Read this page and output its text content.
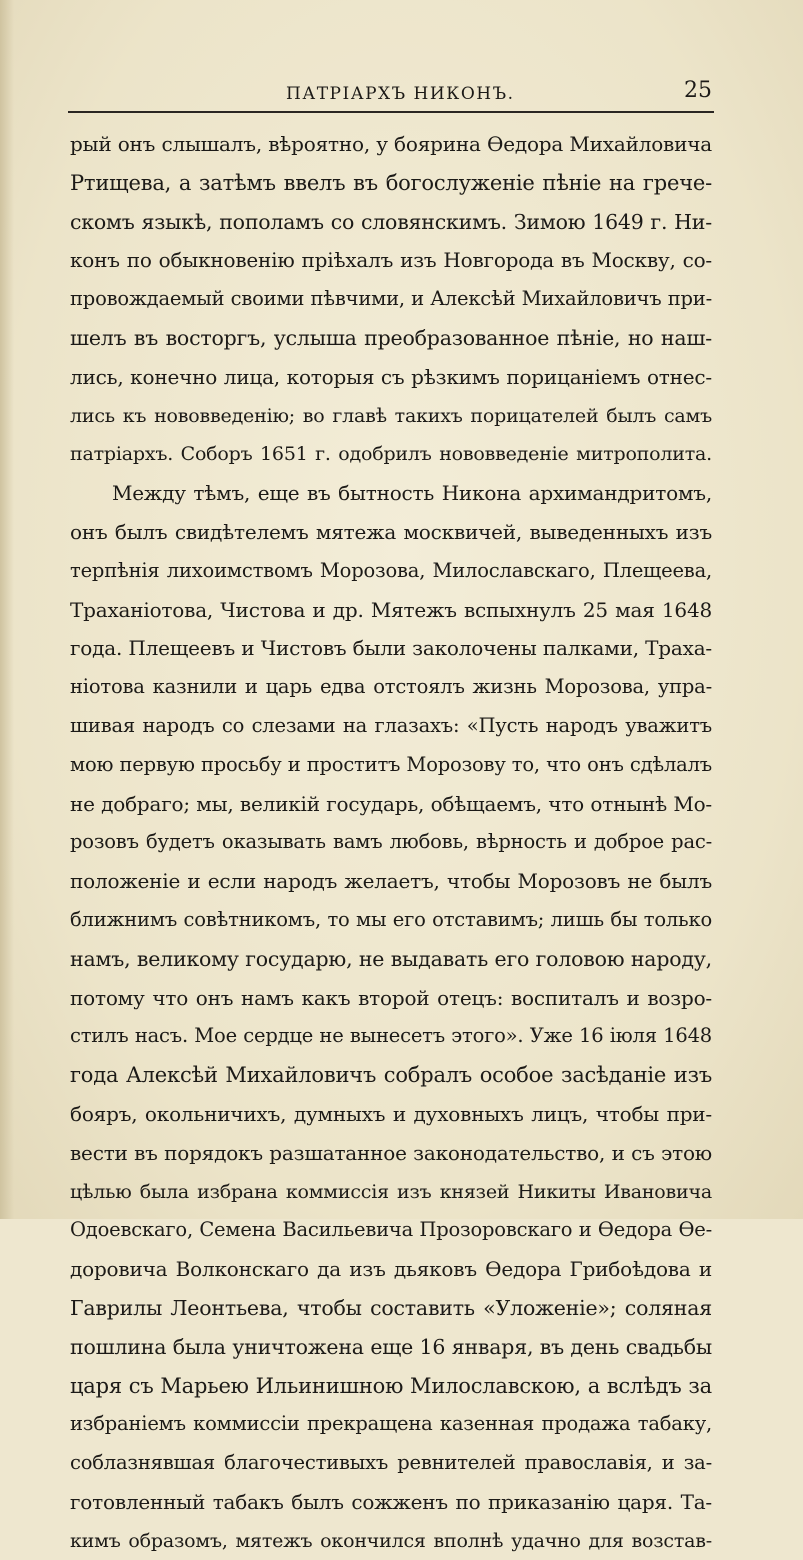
ПАТРІАРХЪ НИКОНЪ.	25
рый онъ слышалъ, вѣроятно, у боярина Ѳедора Михайловича
Ртищева, а затѣмъ ввелъ въ богослуженіе пѣніе на грече-
скомъ языкѣ, пополамъ со словянскимъ. Зимою 1649 г. Ни-
конъ по обыкновенію пріѣхалъ изъ Новгорода въ Москву, со-
провождаемый своими пѣвчими, и Алексѣй Михайловичъ при-
шелъ въ восторгъ, услыша преобразованное пѣніе, но наш-
лись, конечно лица, которыя съ рѣзкимъ порицаніемъ отнес-
лись къ нововведенію; во главѣ такихъ порицателей былъ самъ
патріархъ. Соборъ 1651 г. одобрилъ нововведеніе митрополита.
Между тѣмъ, еще въ бытность Никона архимандритомъ,
онъ былъ свидѣтелемъ мятежа москвичей, выведенныхъ изъ
терпѣнія лихоимствомъ Морозова, Милославскаго, Плещеева,
Траханіотова, Чистова и др. Мятежъ вспыхнулъ 25 мая 1648
года. Плещеевъ и Чистовъ были заколочены палками, Траха-
ніотова казнили и царь едва отстоялъ жизнь Морозова, упра-
шивая народъ со слезами на глазахъ: «Пусть народъ уважитъ
мою первую просьбу и проститъ Морозову то, что онъ сдѣлалъ
не добраго; мы, великій государь, обѣщаемъ, что отнынѣ Мо-
розовъ будетъ оказывать вамъ любовь, вѣрность и доброе рас-
положеніе и если народъ желаетъ, чтобы Морозовъ не былъ
ближнимъ совѣтникомъ, то мы его отставимъ; лишь бы только
намъ, великому государю, не выдавать его головою народу,
потому что онъ намъ какъ второй отецъ: воспиталъ и возро-
стилъ насъ. Мое сердце не вынесетъ этого». Уже 16 іюля 1648
года Алексѣй Михайловичъ собралъ особое засѣданіе изъ
бояръ, окольничихъ, думныхъ и духовныхъ лицъ, чтобы при-
вести въ порядокъ разшатанное законодательство, и съ этою
цѣлью была избрана коммиссія изъ князей Никиты Ивановича
Одоевскаго, Семена Васильевича Прозоровскаго и Ѳедора Ѳе-
доровича Волконскаго да изъ дьяковъ Ѳедора Грибоѣдова и
Гаврилы Леонтьева, чтобы составить «Уложеніе»; соляная
пошлина была уничтожена еще 16 января, въ день свадьбы
царя съ Марьею Ильинишною Милославскою, а вслѣдъ за
избраніемъ коммиссіи прекращена казенная продажа табаку,
соблазнявшая благочестивыхъ ревнителей православія, и за-
готовленный табакъ былъ сожженъ по приказанію царя. Та-
кимъ образомъ, мятежъ окончился вполнѣ удачно для возстав-
